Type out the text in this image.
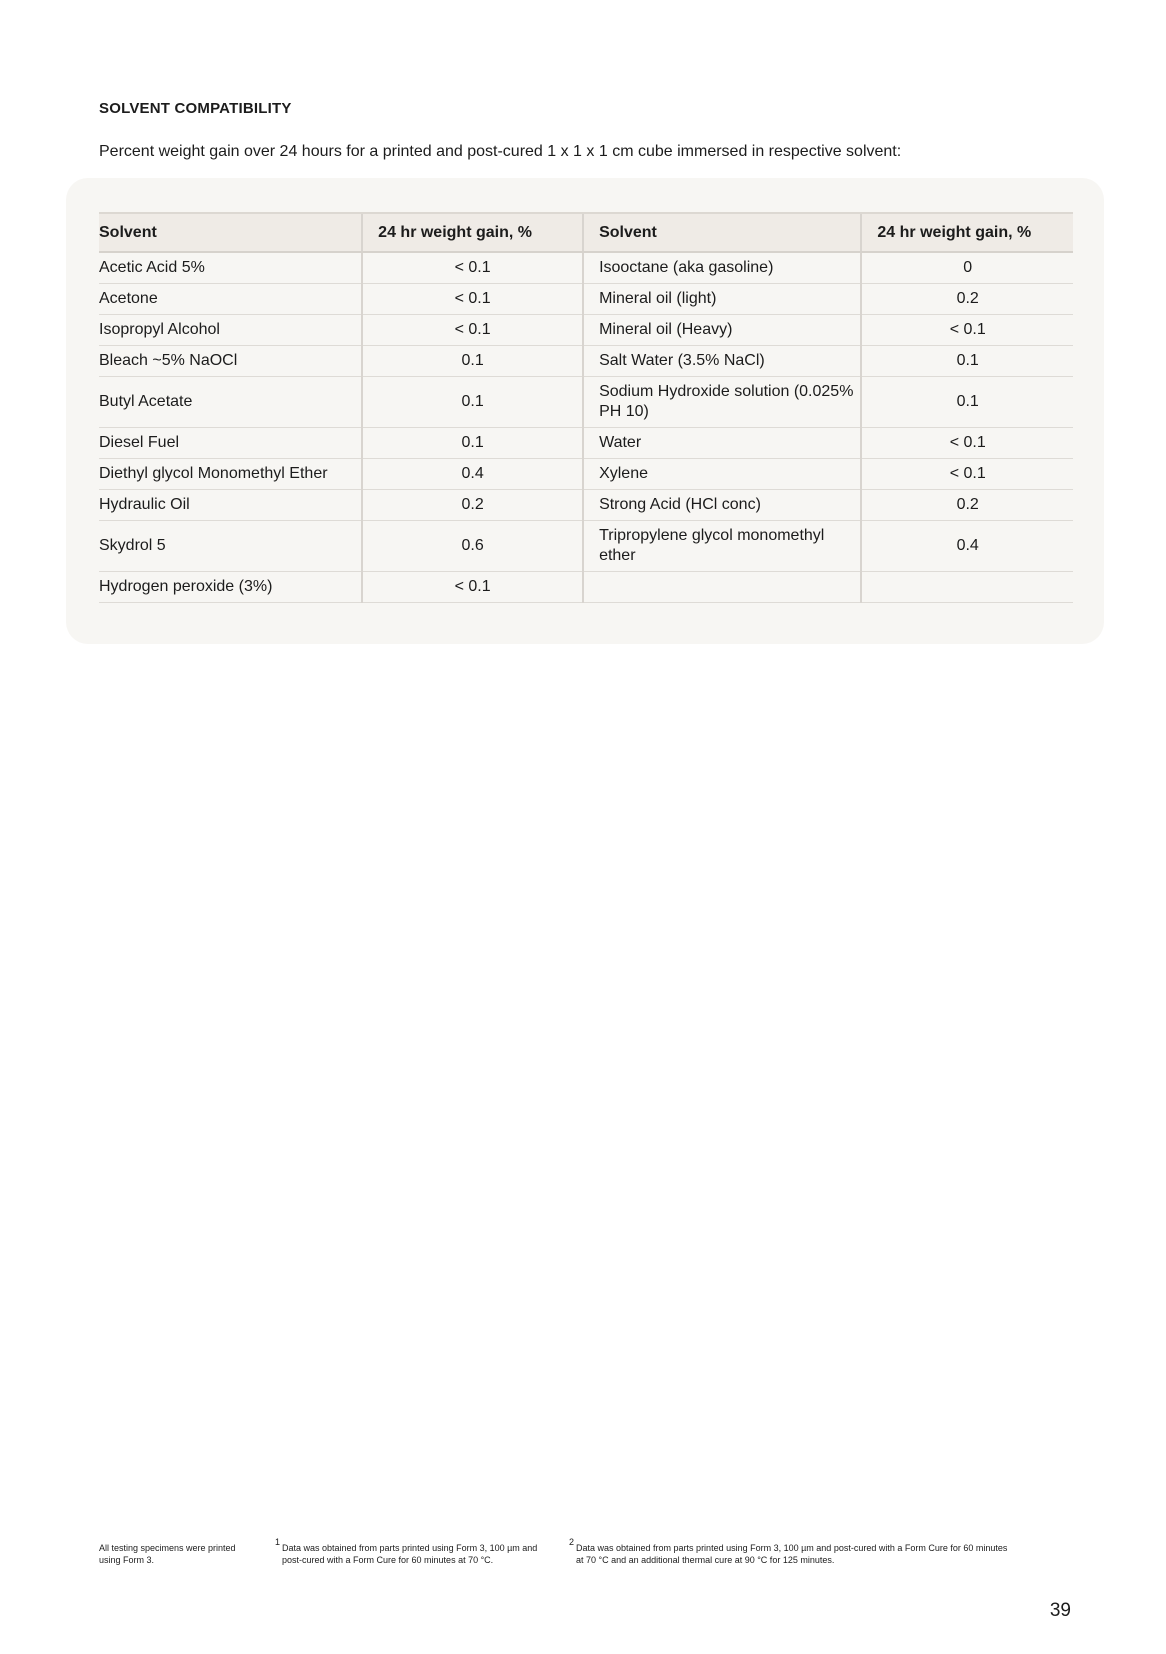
SOLVENT COMPATIBILITY
Percent weight gain over 24 hours for a printed and post-cured 1 x 1 x 1 cm cube immersed in respective solvent:
Solvent	24 hr weight gain, %	Solvent	24 hr weight gain, %
Acetic Acid 5%	< 0.1	Isooctane (aka gasoline)	0
Acetone	< 0.1	Mineral oil (light)	0.2
Isopropyl Alcohol	< 0.1	Mineral oil (Heavy)	< 0.1
Bleach ~5% NaOCl	0.1	Salt Water (3.5% NaCl)	0.1
Butyl Acetate	0.1	Sodium Hydroxide solution (0.025% PH 10)	0.1
Diesel Fuel	0.1	Water	< 0.1
Diethyl glycol Monomethyl Ether	0.4	Xylene	< 0.1
Hydraulic Oil	0.2	Strong Acid (HCl conc)	0.2
Skydrol 5	0.6	Tripropylene glycol monomethyl ether	0.4
Hydrogen peroxide (3%)	< 0.1		
All testing specimens were printed using Form 3.
1
Data was obtained from parts printed using Form 3, 100 µm and post-cured with a Form Cure for 60 minutes at 70 °C.
2
Data was obtained from parts printed using Form 3, 100 µm and post-cured with a Form Cure for 60 minutes at 70 °C and an additional thermal cure at 90 °C for 125 minutes.
39
